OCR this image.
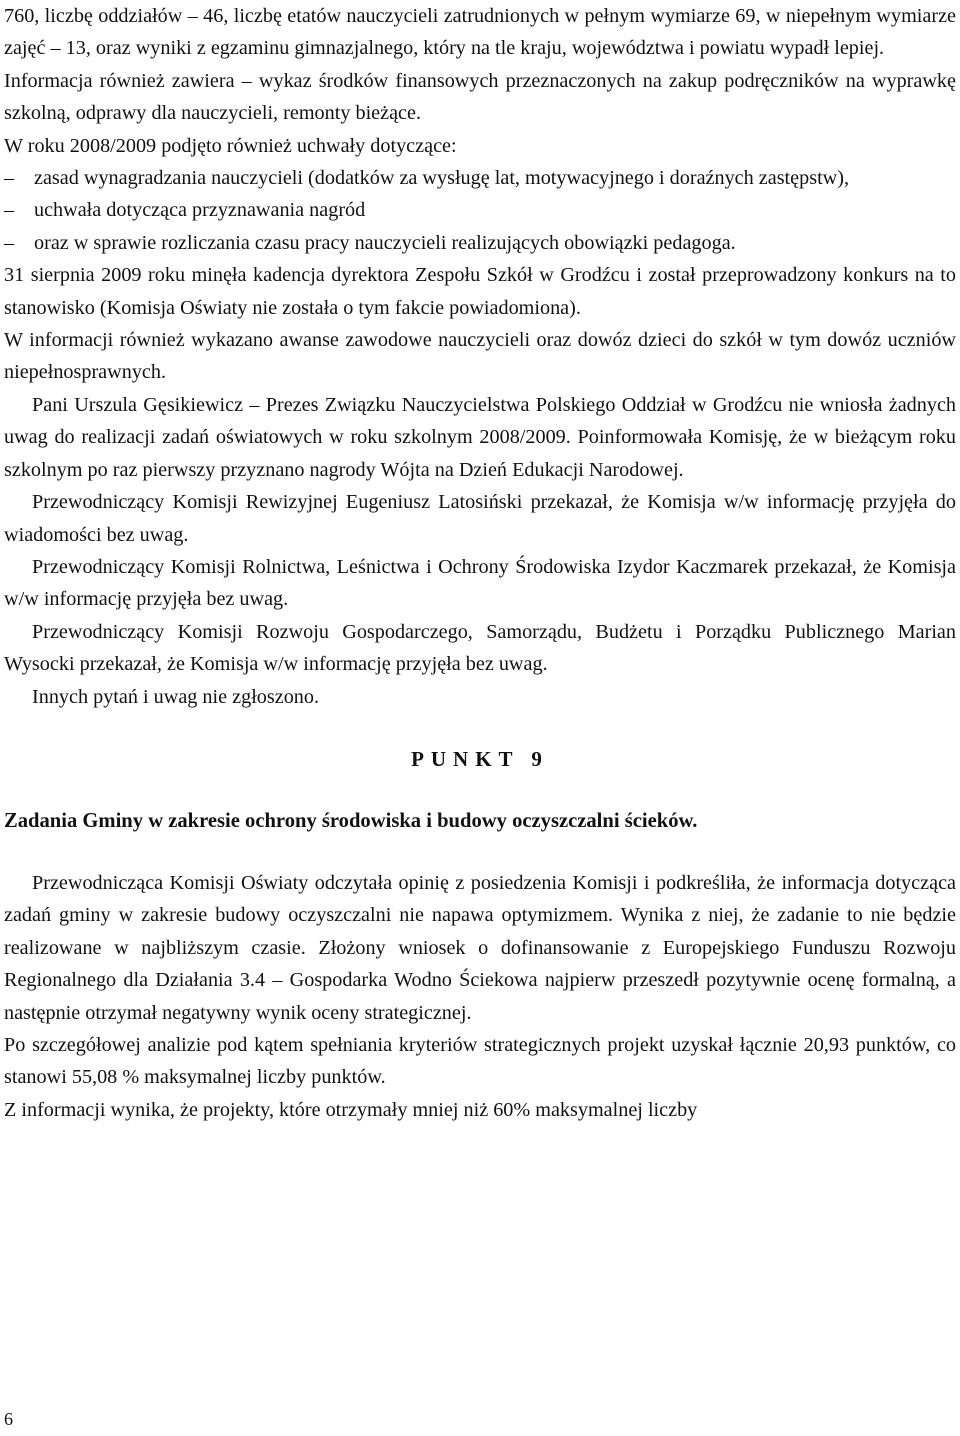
760, liczbę oddziałów – 46, liczbę etatów nauczycieli zatrudnionych w pełnym wymiarze 69, w niepełnym wymiarze zajęć – 13, oraz wyniki z egzaminu gimnazjalnego, który na tle kraju, województwa i powiatu wypadł lepiej.

Informacja również zawiera – wykaz środków finansowych przeznaczonych na zakup podręczników na wyprawkę szkolną, odprawy dla nauczycieli, remonty bieżące.

W roku 2008/2009 podjęto również uchwały dotyczące:

– zasad wynagradzania nauczycieli (dodatków za wysługę lat, motywacyjnego i doraźnych zastępstw),
– uchwała dotycząca przyznawania nagród
– oraz w sprawie rozliczania czasu pracy nauczycieli realizujących obowiązki pedagoga.

31 sierpnia 2009 roku minęła kadencja dyrektora Zespołu Szkół w Grodźcu i został przeprowadzony konkurs na to stanowisko (Komisja Oświaty nie została o tym fakcie powiadomiona).

W informacji również wykazano awanse zawodowe nauczycieli oraz dowóz dzieci do szkół w tym dowóz uczniów niepełnosprawnych.

Pani Urszula Gęsikiewicz – Prezes Związku Nauczycielstwa Polskiego Oddział w Grodźcu nie wniosła żadnych uwag do realizacji zadań oświatowych w roku szkolnym 2008/2009. Poinformowała Komisję, że w bieżącym roku szkolnym po raz pierwszy przyznano nagrody Wójta na Dzień Edukacji Narodowej.

Przewodniczący Komisji Rewizyjnej Eugeniusz Latosiński przekazał, że Komisja w/w informację przyjęła do wiadomości bez uwag.

Przewodniczący Komisji Rolnictwa, Leśnictwa i Ochrony Środowiska Izydor Kaczmarek przekazał, że Komisja w/w informację przyjęła bez uwag.

Przewodniczący Komisji Rozwoju Gospodarczego, Samorządu, Budżetu i Porządku Publicznego Marian Wysocki przekazał, że Komisja w/w informację przyjęła bez uwag.

Innych pytań i uwag nie zgłoszono.

PUNKT 9

Zadania Gminy w zakresie ochrony środowiska i budowy oczyszczalni ścieków.

Przewodnicząca Komisji Oświaty odczytała opinię z posiedzenia Komisji i podkreśliła, że informacja dotycząca zadań gminy w zakresie budowy oczyszczalni nie napawa optymizmem. Wynika z niej, że zadanie to nie będzie realizowane w najbliższym czasie. Złożony wniosek o dofinansowanie z Europejskiego Funduszu Rozwoju Regionalnego dla Działania 3.4 – Gospodarka Wodno Ściekowa najpierw przeszedł pozytywnie ocenę formalną, a następnie otrzymał negatywny wynik oceny strategicznej.

Po szczegółowej analizie pod kątem spełniania kryteriów strategicznych projekt uzyskał łącznie 20,93 punktów, co stanowi 55,08 % maksymalnej liczby punktów.

Z informacji wynika, że projekty, które otrzymały mniej niż 60% maksymalnej liczby

6
